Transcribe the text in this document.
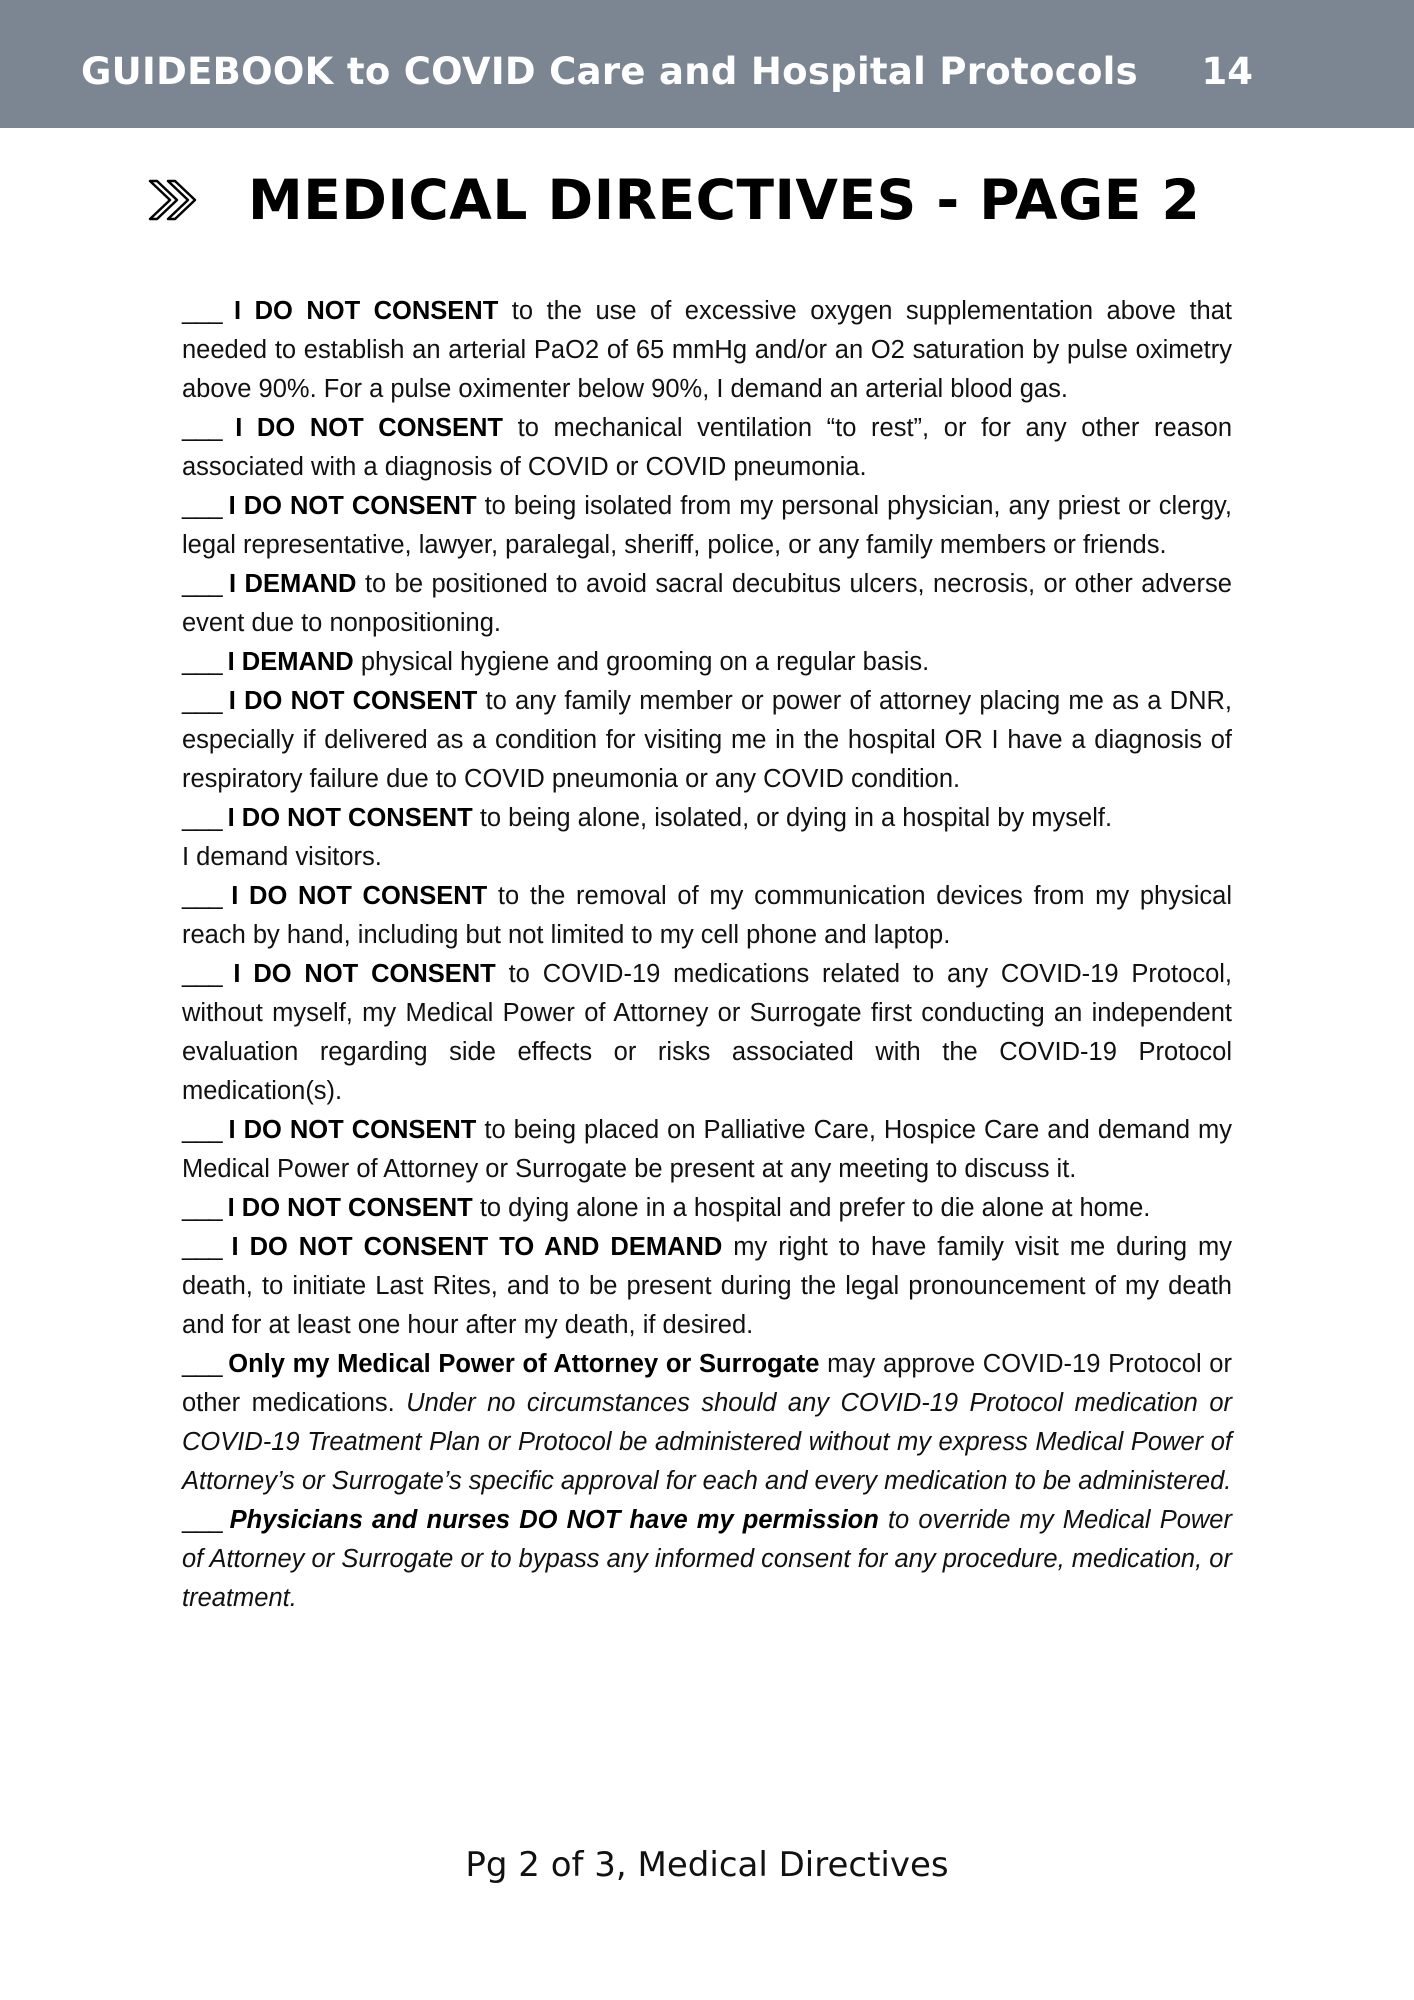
GUIDEBOOK to COVID Care and Hospital Protocols 14
MEDICAL DIRECTIVES - PAGE 2

___ I DO NOT CONSENT to the use of excessive oxygen supplementation above that needed to establish an arterial PaO2 of 65 mmHg and/or an O2 saturation by pulse oximetry above 90%. For a pulse oximenter below 90%, I demand an arterial blood gas.

___ I DO NOT CONSENT to mechanical ventilation “to rest”, or for any other reason associated with a diagnosis of COVID or COVID pneumonia.

___ I DO NOT CONSENT to being isolated from my personal physician, any priest or clergy, legal representative, lawyer, paralegal, sheriff, police, or any family members or friends.

___ I DEMAND to be positioned to avoid sacral decubitus ulcers, necrosis, or other adverse event due to nonpositioning.

___ I DEMAND physical hygiene and grooming on a regular basis.

___ I DO NOT CONSENT to any family member or power of attorney placing me as a DNR, especially if delivered as a condition for visiting me in the hospital OR I have a diagnosis of respiratory failure due to COVID pneumonia or any COVID condition.

___ I DO NOT CONSENT to being alone, isolated, or dying in a hospital by myself.
I demand visitors.

___ I DO NOT CONSENT to the removal of my communication devices from my physical reach by hand, including but not limited to my cell phone and laptop.

___ I DO NOT CONSENT to COVID-19 medications related to any COVID-19 Protocol, without myself, my Medical Power of Attorney or Surrogate first conducting an independent evaluation regarding side effects or risks associated with the COVID-19 Protocol medication(s).

___ I DO NOT CONSENT to being placed on Palliative Care, Hospice Care and demand my Medical Power of Attorney or Surrogate be present at any meeting to discuss it.

___ I DO NOT CONSENT to dying alone in a hospital and prefer to die alone at home.

___ I DO NOT CONSENT TO AND DEMAND my right to have family visit me during my death, to initiate Last Rites, and to be present during the legal pronouncement of my death and for at least one hour after my death, if desired.

___ Only my Medical Power of Attorney or Surrogate may approve COVID-19 Protocol or other medications. Under no circumstances should any COVID-19 Protocol medication or COVID-19 Treatment Plan or Protocol be administered without my express Medical Power of Attorney’s or Surrogate’s specific approval for each and every medication to be administered.

___ Physicians and nurses DO NOT have my permission to override my Medical Power of Attorney or Surrogate or to bypass any informed consent for any procedure, medication, or treatment.

Pg 2 of 3, Medical Directives
